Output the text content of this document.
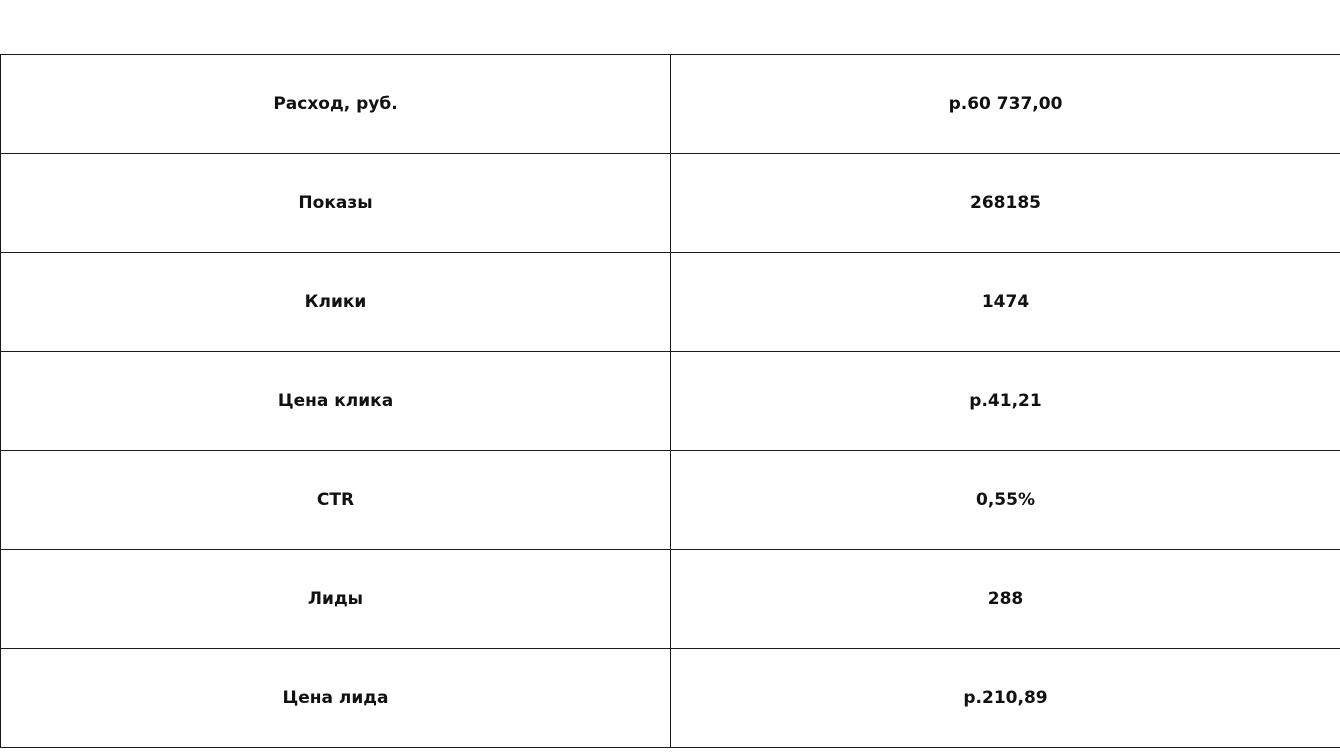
Расход, руб.	р.60 737,00
Показы	268185
Клики	1474
Цена клика	р.41,21
CTR	0,55%
Лиды	288
Цена лида	р.210,89
